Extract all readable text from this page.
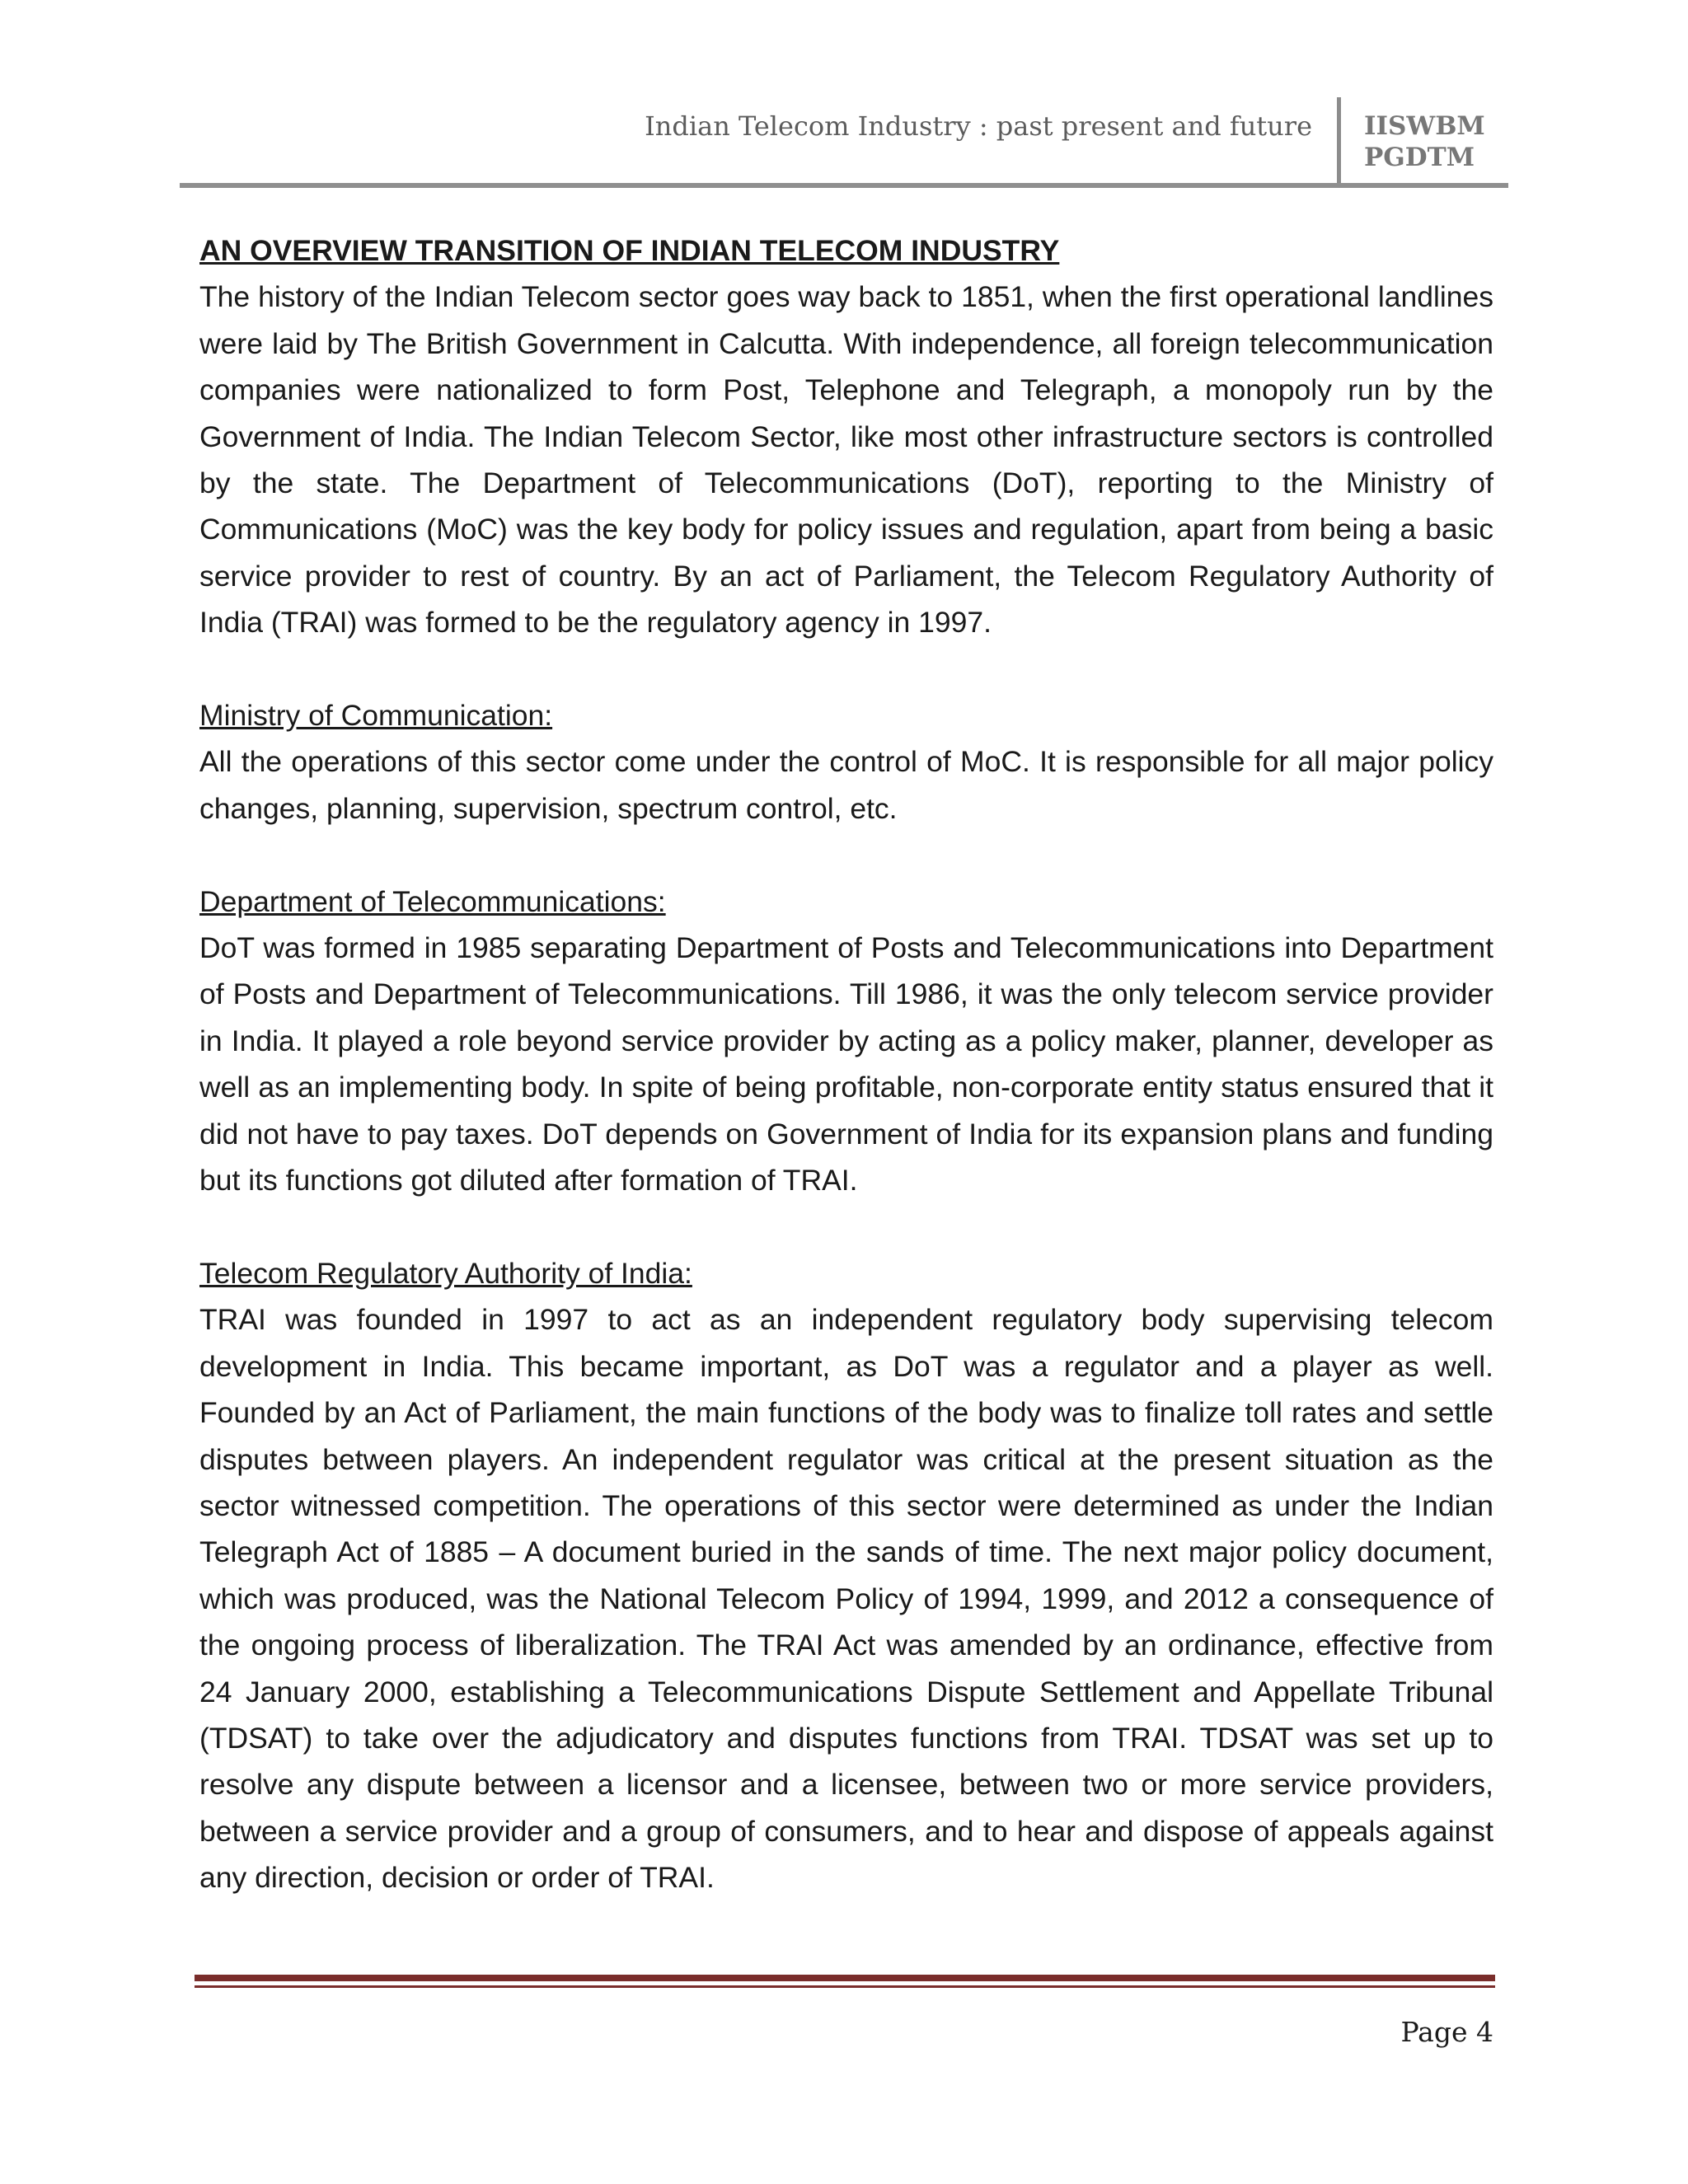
Indian Telecom Industry : past present and future IISWBM
PGDTM
AN OVERVIEW TRANSITION OF INDIAN TELECOM INDUSTRY

The history of the Indian Telecom sector goes way back to 1851, when the first operational landlines were laid by The British Government in Calcutta. With independence, all foreign telecommunication companies were nationalized to form Post, Telephone and Telegraph, a monopoly run by the Government of India. The Indian Telecom Sector, like most other infrastructure sectors is controlled by the state. The Department of Telecommunications (DoT), reporting to the Ministry of Communications (MoC) was the key body for policy issues and regulation, apart from being a basic service provider to rest of country. By an act of Parliament, the Telecom Regulatory Authority of India (TRAI) was formed to be the regulatory agency in 1997.

Ministry of Communication:

All the operations of this sector come under the control of MoC. It is responsible for all major policy changes, planning, supervision, spectrum control, etc.

Department of Telecommunications:

DoT was formed in 1985 separating Department of Posts and Telecommunications into Department of Posts and Department of Telecommunications. Till 1986, it was the only telecom service provider in India. It played a role beyond service provider by acting as a policy maker, planner, developer as well as an implementing body. In spite of being profitable, non-corporate entity status ensured that it did not have to pay taxes. DoT depends on Government of India for its expansion plans and funding but its functions got diluted after formation of TRAI.

Telecom Regulatory Authority of India:

TRAI was founded in 1997 to act as an independent regulatory body supervising telecom development in India. This became important, as DoT was a regulator and a player as well. Founded by an Act of Parliament, the main functions of the body was to finalize toll rates and settle disputes between players. An independent regulator was critical at the present situation as the sector witnessed competition. The operations of this sector were determined as under the Indian Telegraph Act of 1885 – A document buried in the sands of time. The next major policy document, which was produced, was the National Telecom Policy of 1994, 1999, and 2012 a consequence of the ongoing process of liberalization. The TRAI Act was amended by an ordinance, effective from 24 January 2000, establishing a Telecommunications Dispute Settlement and Appellate Tribunal (TDSAT) to take over the adjudicatory and disputes functions from TRAI. TDSAT was set up to resolve any dispute between a licensor and a licensee, between two or more service providers, between a service provider and a group of consumers, and to hear and dispose of appeals against any direction, decision or order of TRAI.

Page 4
